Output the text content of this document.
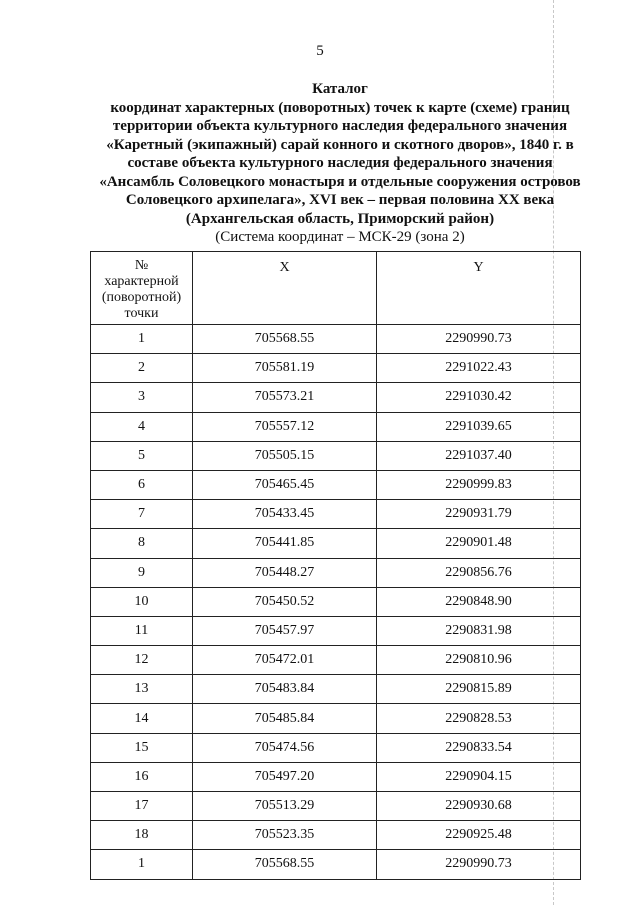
5
Каталог
координат характерных (поворотных) точек к карте (схеме) границ
территории объекта культурного наследия федерального значения
«Каретный (экипажный) сарай конного и скотного дворов», 1840 г. в
составе объекта культурного наследия федерального значения
«Ансамбль Соловецкого монастыря и отдельные сооружения островов
Соловецкого архипелага», XVI век – первая половина XX века
(Архангельская область, Приморский район)
(Система координат – МСК-29 (зона 2)
№
характерной
(поворотной)
точки	X	Y
1	705568.55	2290990.73
2	705581.19	2291022.43
3	705573.21	2291030.42
4	705557.12	2291039.65
5	705505.15	2291037.40
6	705465.45	2290999.83
7	705433.45	2290931.79
8	705441.85	2290901.48
9	705448.27	2290856.76
10	705450.52	2290848.90
11	705457.97	2290831.98
12	705472.01	2290810.96
13	705483.84	2290815.89
14	705485.84	2290828.53
15	705474.56	2290833.54
16	705497.20	2290904.15
17	705513.29	2290930.68
18	705523.35	2290925.48
1	705568.55	2290990.73
